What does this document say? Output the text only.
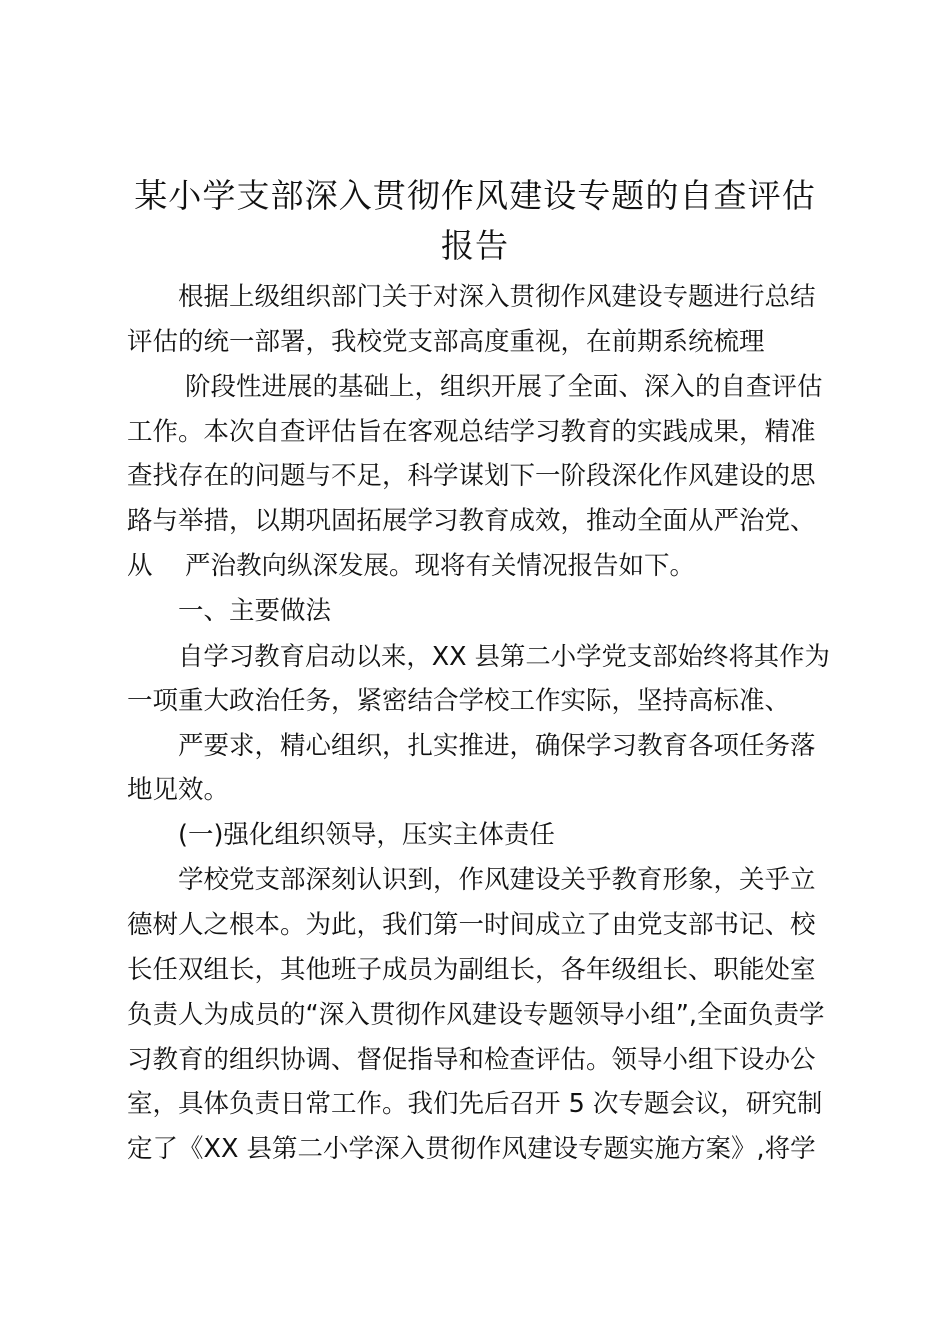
某小学支部深入贯彻作风建设专题的自查评估
报告
根据上级组织部门关于对深入贯彻作风建设专题进行总结
评估的统一部署，我校党支部高度重视，在前期系统梳理
阶段性进展的基础上，组织开展了全面、深入的自查评估
工作。本次自查评估旨在客观总结学习教育的实践成果，精准
查找存在的问题与不足，科学谋划下一阶段深化作风建设的思
路与举措，以期巩固拓展学习教育成效，推动全面从严治党、
从 严治教向纵深发展。现将有关情况报告如下。
一、主要做法
自学习教育启动以来，XX 县第二小学党支部始终将其作为
一项重大政治任务，紧密结合学校工作实际，坚持高标准、
严要求，精心组织，扎实推进，确保学习教育各项任务落
地见效。
(一)强化组织领导，压实主体责任
学校党支部深刻认识到，作风建设关乎教育形象，关乎立
德树人之根本。为此，我们第一时间成立了由党支部书记、校
长任双组长，其他班子成员为副组长，各年级组长、职能处室
负责人为成员的“深入贯彻作风建设专题领导小组”,全面负责学
习教育的组织协调、督促指导和检查评估。领导小组下设办公
室，具体负责日常工作。我们先后召开 5 次专题会议，研究制
定了《XX 县第二小学深入贯彻作风建设专题实施方案》,将学
